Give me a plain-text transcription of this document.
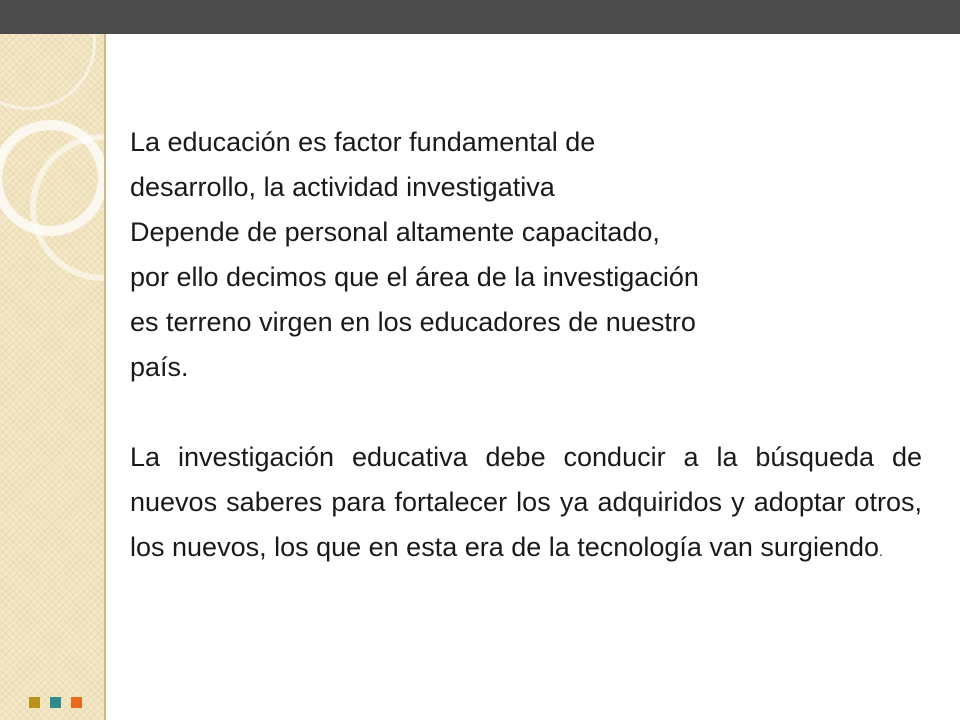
La educación es factor fundamental de
desarrollo, la actividad investigativa
Depende de personal altamente capacitado,
por ello decimos que el área de la investigación
es terreno virgen en los educadores de nuestro
país.

La investigación educativa debe conducir a la búsqueda de nuevos saberes para fortalecer los ya adquiridos y adoptar otros, los nuevos, los que en esta era de la tecnología van surgiendo.
